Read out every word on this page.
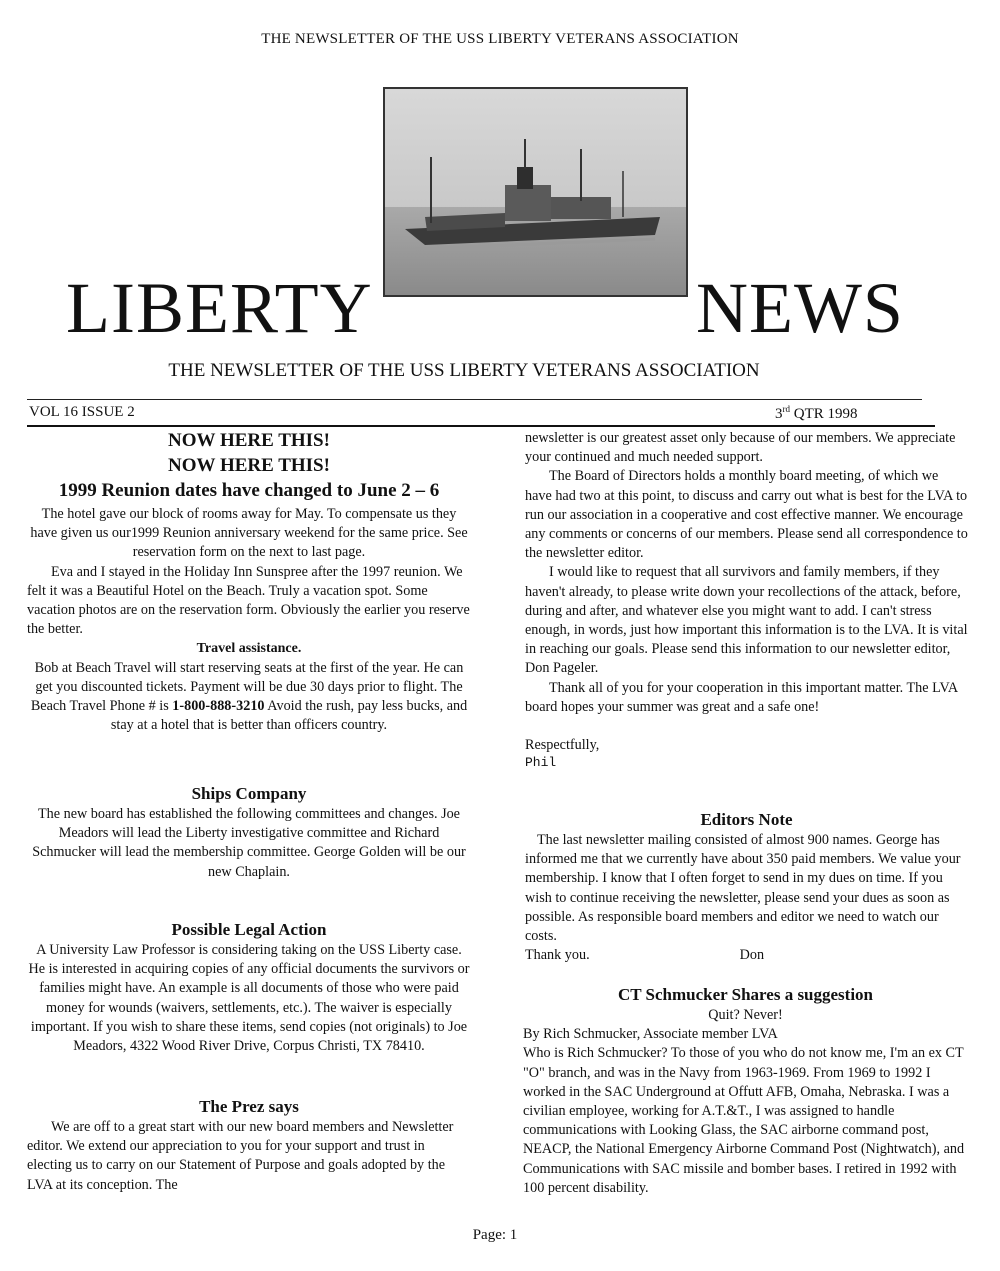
THE NEWSLETTER OF THE USS LIBERTY VETERANS ASSOCIATION
LIBERTY	NEWS
THE NEWSLETTER OF THE USS LIBERTY VETERANS ASSOCIATION
VOL 16 ISSUE 2	3rd QTR 1998

NOW HERE THIS!

NOW HERE THIS!

1999 Reunion dates have changed to June 2 – 6

The hotel gave our block of rooms away for May. To compensate us they have given us our1999 Reunion anniversary weekend for the same price. See reservation form on the next to last page.

Eva and I stayed in the Holiday Inn Sunspree after the 1997 reunion. We felt it was a Beautiful Hotel on the Beach. Truly a vacation spot. Some vacation photos are on the reservation form. Obviously the earlier you reserve the better.

Travel assistance.

Bob at Beach Travel will start reserving seats at the first of the year. He can get you discounted tickets. Payment will be due 30 days prior to flight. The Beach Travel Phone # is 1-800-888-3210 Avoid the rush, pay less bucks, and stay at a hotel that is better than officers country.

Ships Company

The new board has established the following committees and changes. Joe Meadors will lead the Liberty investigative committee and Richard Schmucker will lead the membership committee. George Golden will be our new Chaplain.

Possible Legal Action

A University Law Professor is considering taking on the USS Liberty case. He is interested in acquiring copies of any official documents the survivors or families might have. An example is all documents of those who were paid money for wounds (waivers, settlements, etc.). The waiver is especially important. If you wish to share these items, send copies (not originals) to Joe Meadors, 4322 Wood River Drive, Corpus Christi, TX 78410.

The Prez says

We are off to a great start with our new board members and Newsletter editor. We extend our appreciation to you for your support and trust in electing us to carry on our Statement of Purpose and goals adopted by the LVA at its conception. The

newsletter is our greatest asset only because of our members. We appreciate your continued and much needed support.

The Board of Directors holds a monthly board meeting, of which we have had two at this point, to discuss and carry out what is best for the LVA to run our association in a cooperative and cost effective manner. We encourage any comments or concerns of our members. Please send all correspondence to the newsletter editor.

I would like to request that all survivors and family members, if they haven't already, to please write down your recollections of the attack, before, during and after, and whatever else you might want to add. I can't stress enough, in words, just how important this information is to the LVA. It is vital in reaching our goals. Please send this information to our newsletter editor, Don Pageler.

Thank all of you for your cooperation in this important matter. The LVA board hopes your summer was great and a safe one!

Respectfully,

Phil

Editors Note

The last newsletter mailing consisted of almost 900 names. George has informed me that we currently have about 350 paid members. We value your membership. I know that I often forget to send in my dues on time. If you wish to continue receiving the newsletter, please send your dues as soon as possible. As responsible board members and editor we need to watch our costs.

Thank you.	Don

CT Schmucker Shares a suggestion

Quit? Never!

By Rich Schmucker, Associate member LVA

Who is Rich Schmucker? To those of you who do not know me, I'm an ex CT "O" branch, and was in the Navy from 1963-1969. From 1969 to 1992 I worked in the SAC Underground at Offutt AFB, Omaha, Nebraska. I was a civilian employee, working for A.T.&T., I was assigned to handle communications with Looking Glass, the SAC airborne command post, NEACP, the National Emergency Airborne Command Post (Nightwatch), and Communications with SAC missile and bomber bases. I retired in 1992 with 100 percent disability.

Page: 1
